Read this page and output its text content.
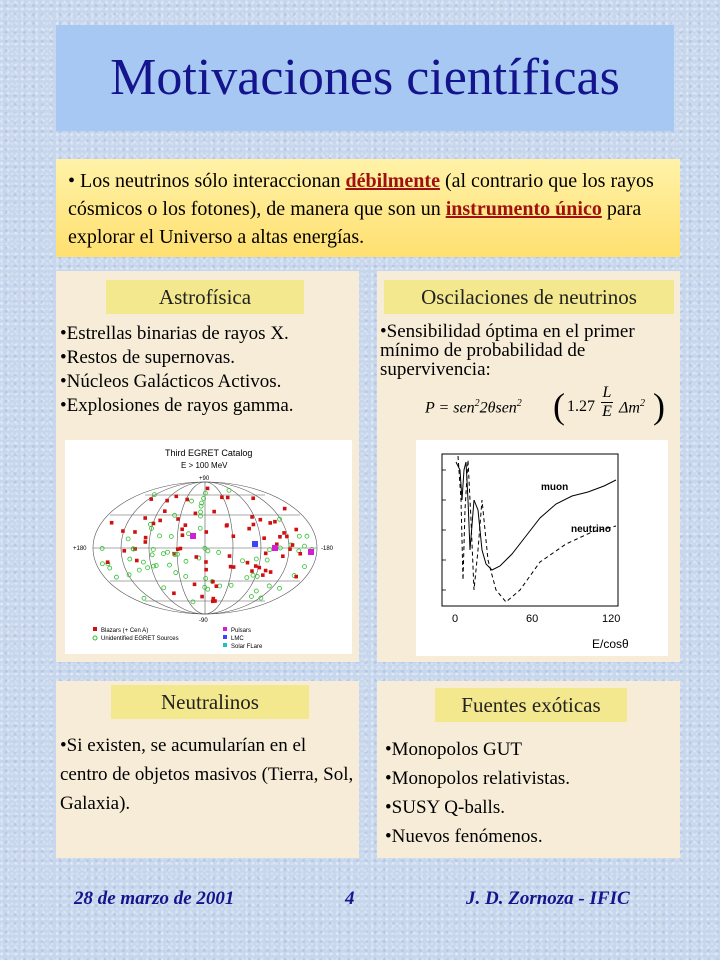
Motivaciones científicas
• Los neutrinos sólo interaccionan débilmente (al contrario que los rayos cósmicos o los fotones), de manera que son un instrumento único para explorar el Universo a altas energías.
Astrofísica
• Estrellas binarias de rayos X.
• Restos de supernovas.
• Núcleos Galácticos Activos.
• Explosiones de rayos gamma.
Third EGRET Catalog
E > 100 MeV
+90
-90
+180	-180
Blazars (+ Cen A)
Unidentified EGRET Sources
Pulsars
LMC
Solar FLare
Oscilaciones de neutrinos
•Sensibilidad óptima en el primer mínimo de probabilidad de supervivencia:
P = sen$^2$2θsen$^2$ ( 1.27
L
E $\Delta m^2$ )
muon
neutrino
0	60	120
E/cosθ
Neutralinos
•Si existen, se acumularían en el centro de objetos masivos (Tierra, Sol, Galaxia).
Fuentes exóticas
• Monopolos GUT
• Monopolos relativistas.
• SUSY Q-balls.
• Nuevos fenómenos.
28 de marzo de 2001	4	J. D. Zornoza - IFIC
